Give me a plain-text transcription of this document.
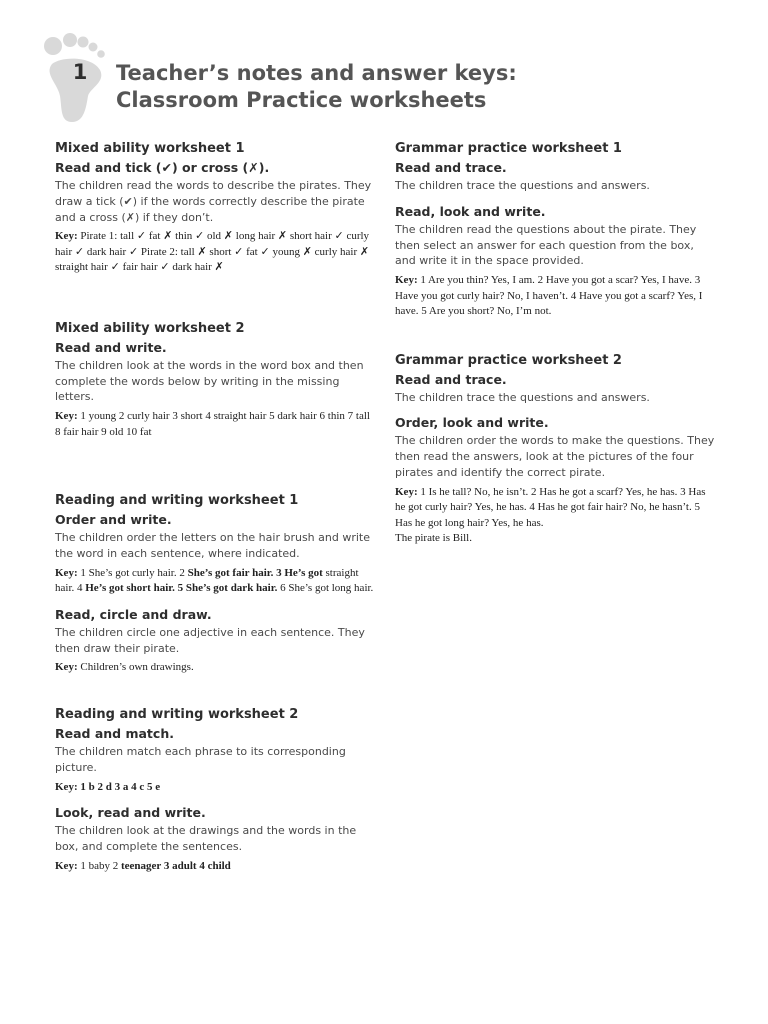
1 Teacher’s notes and answer keys:
Classroom Practice worksheets
Mixed ability worksheet 1
Read and tick (✔) or cross (✗).

The children read the words to describe the pirates. They draw a tick (✔) if the words correctly describe the pirate and a cross (✗) if they don’t.

Key: Pirate 1: tall ✓ fat ✗ thin ✓ old ✗ long hair ✗ short hair ✓ curly hair ✓ dark hair ✓ Pirate 2: tall ✗ short ✓ fat ✓ young ✗ curly hair ✗ straight hair ✓ fair hair ✓ dark hair ✗

Mixed ability worksheet 2
Read and write.

The children look at the words in the word box and then complete the words below by writing in the missing letters.

Key: 1 young 2 curly hair 3 short 4 straight hair 5 dark hair 6 thin 7 tall 8 fair hair 9 old 10 fat

Reading and writing worksheet 1
Order and write.

The children order the letters on the hair brush and write the word in each sentence, where indicated.

Key: 1 She’s got curly hair. 2 She’s got fair hair. 3 He’s got straight hair. 4 He’s got short hair. 5 She’s got dark hair. 6 She’s got long hair.

Read, circle and draw.

The children circle one adjective in each sentence. They then draw their pirate.

Key: Children’s own drawings.

Reading and writing worksheet 2
Read and match.

The children match each phrase to its corresponding picture.

Key: 1 b 2 d 3 a 4 c 5 e

Look, read and write.

The children look at the drawings and the words in the box, and complete the sentences.

Key: 1 baby 2 teenager 3 adult 4 child

Grammar practice worksheet 1
Read and trace.

The children trace the questions and answers.

Read, look and write.

The children read the questions about the pirate. They then select an answer for each question from the box, and write it in the space provided.

Key: 1 Are you thin? Yes, I am. 2 Have you got a scar? Yes, I have. 3 Have you got curly hair? No, I haven’t. 4 Have you got a scarf? Yes, I have. 5 Are you short? No, I’m not.

Grammar practice worksheet 2
Read and trace.

The children trace the questions and answers.

Order, look and write.

The children order the words to make the questions. They then read the answers, look at the pictures of the four pirates and identify the correct pirate.

Key: 1 Is he tall? No, he isn’t. 2 Has he got a scarf? Yes, he has. 3 Has he got curly hair? Yes, he has. 4 Has he got fair hair? No, he hasn’t. 5 Has he got long hair? Yes, he has.

The pirate is Bill.
